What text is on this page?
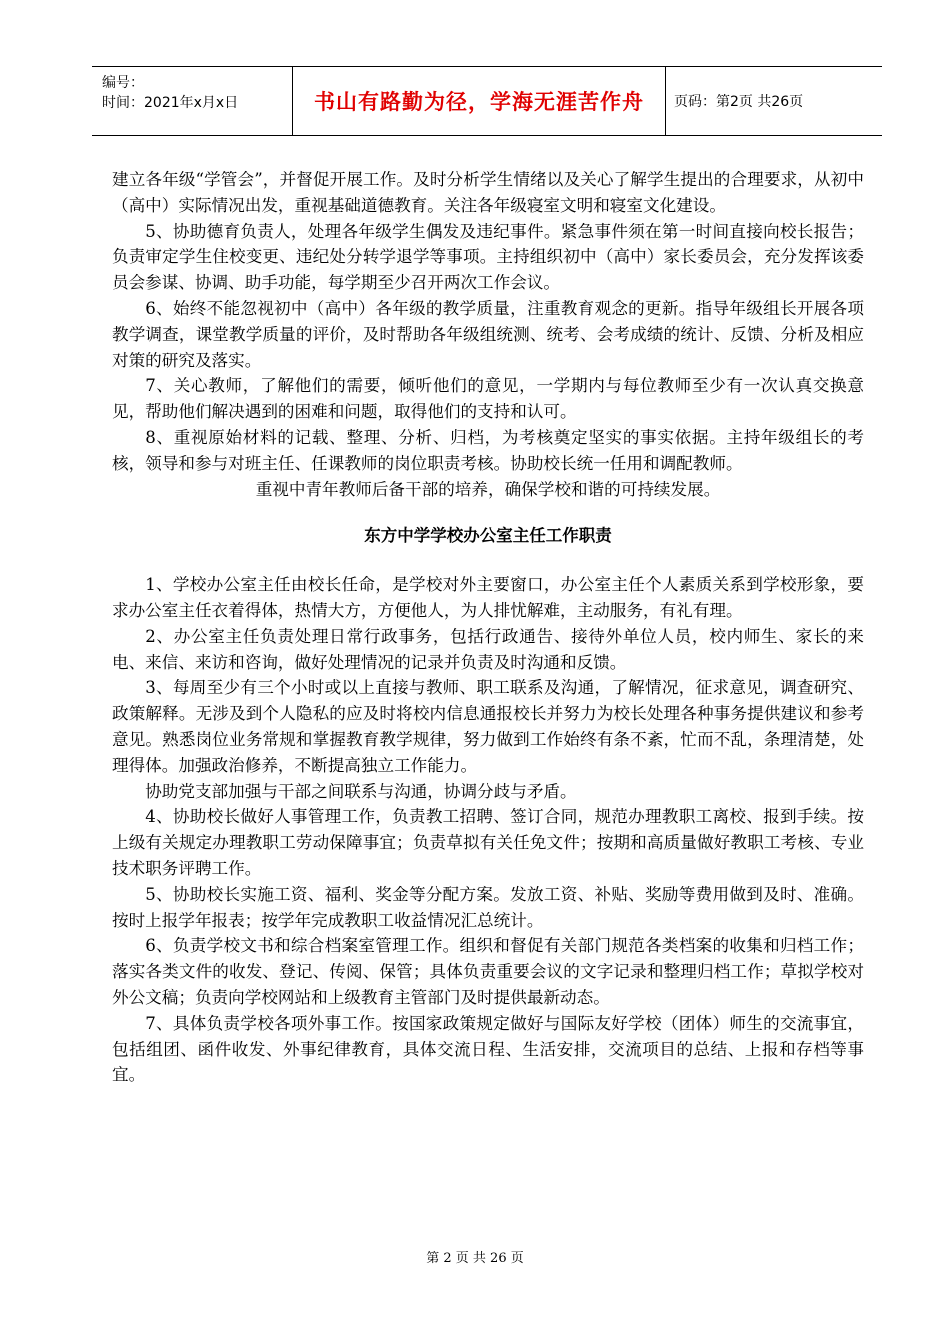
编号：
时间：2021年x月x日	书山有路勤为径，学海无涯苦作舟	页码：第2页 共26页

建立各年级“学管会”，并督促开展工作。及时分析学生情绪以及关心了解学生提出的合理要求，从初中（高中）实际情况出发，重视基础道德教育。关注各年级寝室文明和寝室文化建设。

5、协助德育负责人，处理各年级学生偶发及违纪事件。紧急事件须在第一时间直接向校长报告；负责审定学生住校变更、违纪处分转学退学等事项。主持组织初中（高中）家长委员会，充分发挥该委员会参谋、协调、助手功能，每学期至少召开两次工作会议。

6、始终不能忽视初中（高中）各年级的教学质量，注重教育观念的更新。指导年级组长开展各项教学调查，课堂教学质量的评价，及时帮助各年级组统测、统考、会考成绩的统计、反馈、分析及相应对策的研究及落实。

7、关心教师，了解他们的需要，倾听他们的意见，一学期内与每位教师至少有一次认真交换意见，帮助他们解决遇到的困难和问题，取得他们的支持和认可。

8、重视原始材料的记载、整理、分析、归档，为考核奠定坚实的事实依据。主持年级组长的考核，领导和参与对班主任、任课教师的岗位职责考核。协助校长统一任用和调配教师。

重视中青年教师后备干部的培养，确保学校和谐的可持续发展。

东方中学学校办公室主任工作职责

1、学校办公室主任由校长任命，是学校对外主要窗口，办公室主任个人素质关系到学校形象，要求办公室主任衣着得体，热情大方，方便他人，为人排忧解难，主动服务，有礼有理。

2、办公室主任负责处理日常行政事务，包括行政通告、接待外单位人员，校内师生、家长的来电、来信、来访和咨询，做好处理情况的记录并负责及时沟通和反馈。

3、每周至少有三个小时或以上直接与教师、职工联系及沟通，了解情况，征求意见，调查研究、政策解释。无涉及到个人隐私的应及时将校内信息通报校长并努力为校长处理各种事务提供建议和参考意见。熟悉岗位业务常规和掌握教育教学规律，努力做到工作始终有条不紊，忙而不乱，条理清楚，处理得体。加强政治修养，不断提高独立工作能力。

协助党支部加强与干部之间联系与沟通，协调分歧与矛盾。

4、协助校长做好人事管理工作，负责教工招聘、签订合同，规范办理教职工离校、报到手续。按上级有关规定办理教职工劳动保障事宜；负责草拟有关任免文件；按期和高质量做好教职工考核、专业技术职务评聘工作。

5、协助校长实施工资、福利、奖金等分配方案。发放工资、补贴、奖励等费用做到及时、准确。按时上报学年报表；按学年完成教职工收益情况汇总统计。

6、负责学校文书和综合档案室管理工作。组织和督促有关部门规范各类档案的收集和归档工作；落实各类文件的收发、登记、传阅、保管；具体负责重要会议的文字记录和整理归档工作；草拟学校对外公文稿；负责向学校网站和上级教育主管部门及时提供最新动态。

7、具体负责学校各项外事工作。按国家政策规定做好与国际友好学校（团体）师生的交流事宜，包括组团、函件收发、外事纪律教育，具体交流日程、生活安排，交流项目的总结、上报和存档等事宜。

第 2 页 共 26 页
